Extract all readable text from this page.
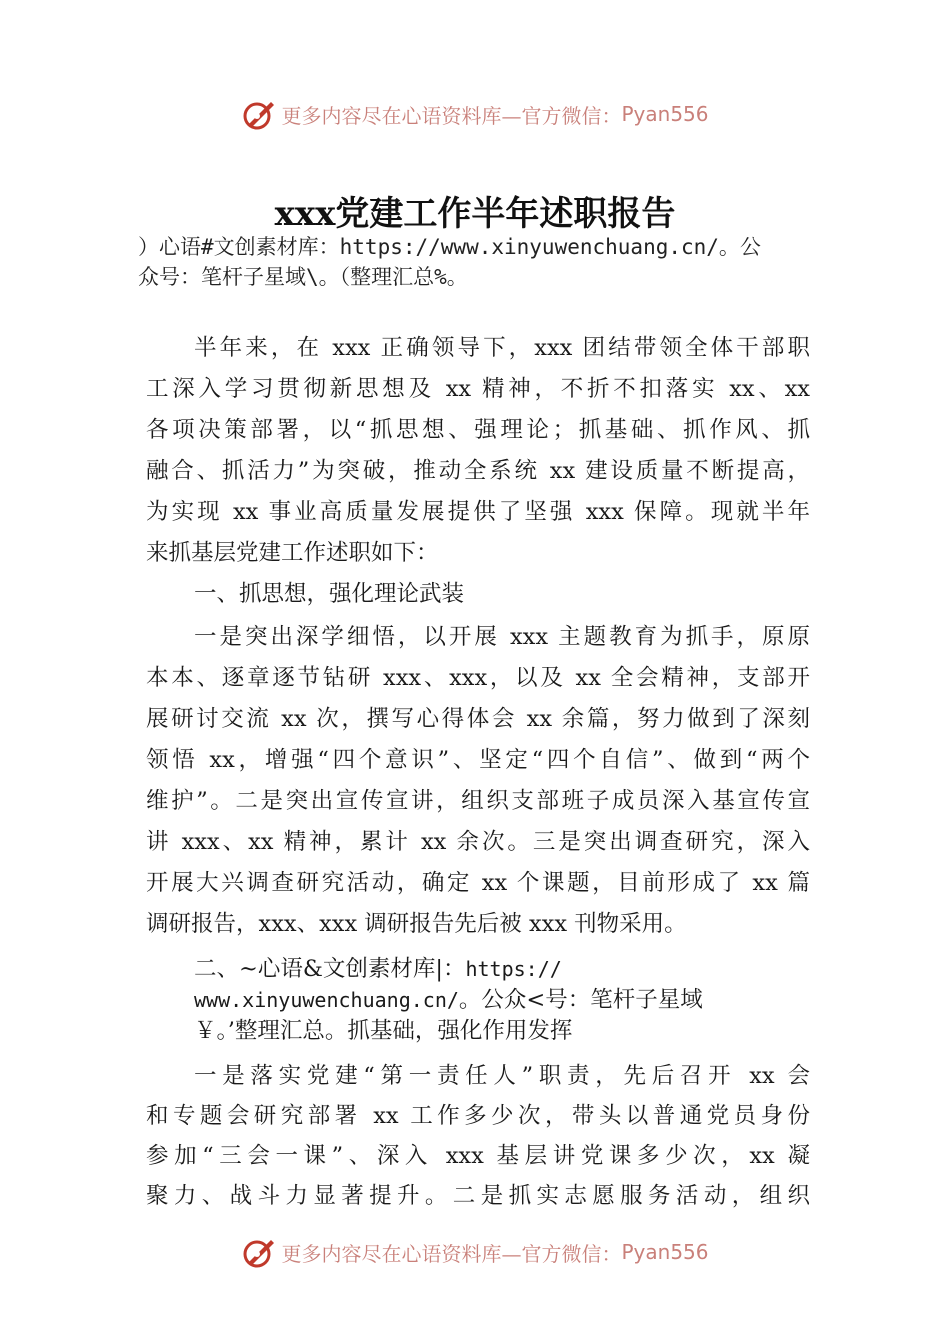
更多内容尽在心语资料库—官方微信： Pyan556
xxx党建工作半年述职报告
）心语#文创素材库：https://www.xinyuwenchuang.cn/。公
众号：笔杆子星域\。（整理汇总%。
半年来，在 xxx 正确领导下，xxx 团结带领全体干部职
工深入学习贯彻新思想及 xx 精神，不折不扣落实 xx、xx
各项决策部署，以“抓思想、强理论；抓基础、抓作风、抓
融合、抓活力”为突破，推动全系统 xx 建设质量不断提高，
为实现 xx 事业高质量发展提供了坚强 xxx 保障。现就半年
来抓基层党建工作述职如下：
一、抓思想，强化理论武装
一是突出深学细悟，以开展 xxx 主题教育为抓手，原原
本本、逐章逐节钻研 xxx、xxx，以及 xx 全会精神，支部开
展研讨交流 xx 次，撰写心得体会 xx 余篇，努力做到了深刻
领悟 xx，增强“四个意识”、坚定“四个自信”、做到“两个
维护”。二是突出宣传宣讲，组织支部班子成员深入基宣传宣
讲 xxx、xx 精神，累计 xx 余次。三是突出调查研究，深入
开展大兴调查研究活动，确定 xx 个课题，目前形成了 xx 篇
调研报告，xxx、xxx 调研报告先后被 xxx 刊物采用。
二、~心语&文创素材库|：https://
www.xinyuwenchuang.cn/。公众<号：笔杆子星域
￥。’整理汇总。抓基础，强化作用发挥
一是落实党建“第一责任人”职责，先后召开 xx 会
和专题会研究部署 xx 工作多少次，带头以普通党员身份
参加“三会一课”、深入 xxx 基层讲党课多少次，xx 凝
聚力、战斗力显著提升。二是抓实志愿服务活动，组织
更多内容尽在心语资料库—官方微信： Pyan556
